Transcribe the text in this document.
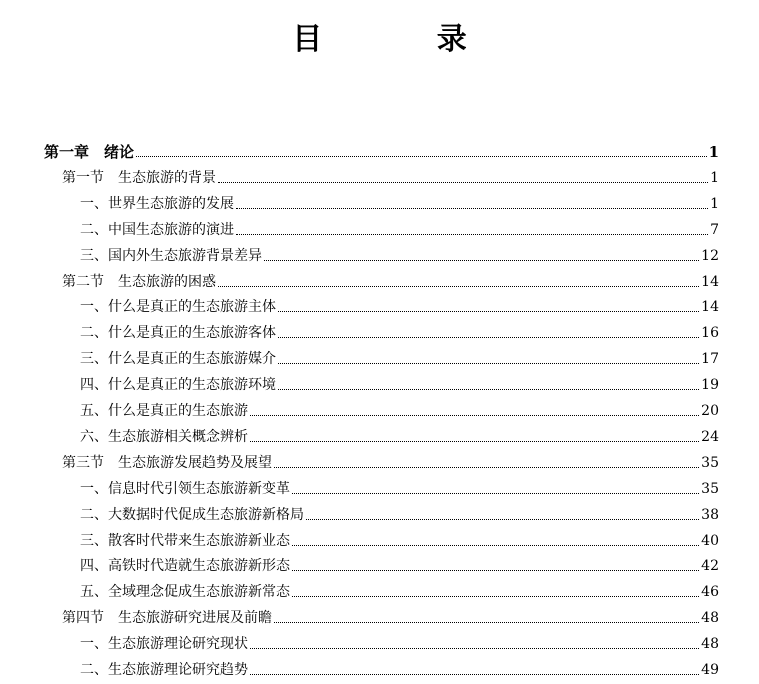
目 录
第一章　绪论	1
第一节　生态旅游的背景	1
一、世界生态旅游的发展	1
二、中国生态旅游的演进	7
三、国内外生态旅游背景差异	12
第二节　生态旅游的困惑	14
一、什么是真正的生态旅游主体	14
二、什么是真正的生态旅游客体	16
三、什么是真正的生态旅游媒介	17
四、什么是真正的生态旅游环境	19
五、什么是真正的生态旅游	20
六、生态旅游相关概念辨析	24
第三节　生态旅游发展趋势及展望	35
一、信息时代引领生态旅游新变革	35
二、大数据时代促成生态旅游新格局	38
三、散客时代带来生态旅游新业态	40
四、高铁时代造就生态旅游新形态	42
五、全域理念促成生态旅游新常态	46
第四节　生态旅游研究进展及前瞻	48
一、生态旅游理论研究现状	48
二、生态旅游理论研究趋势	49
